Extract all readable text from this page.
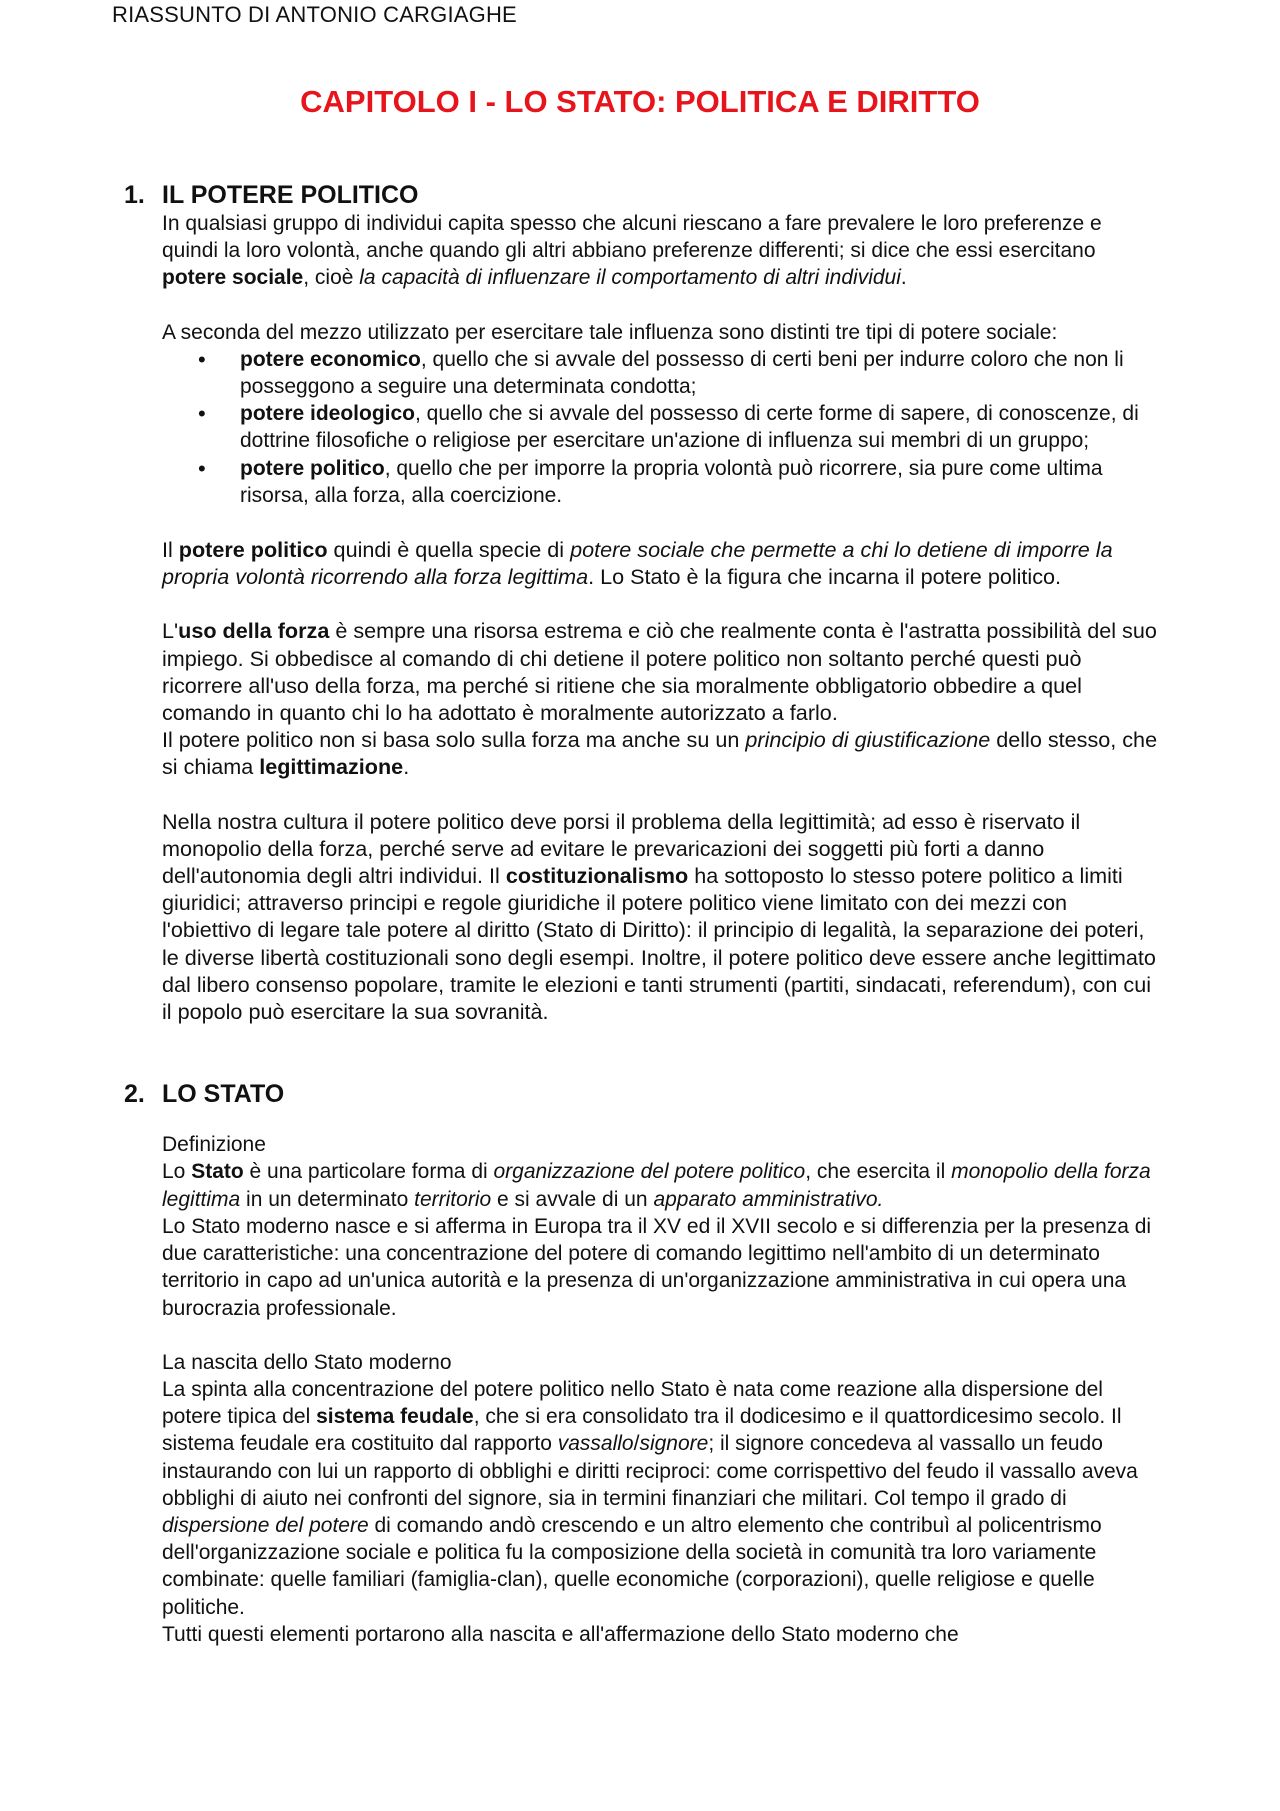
RIASSUNTO DI ANTONIO CARGIAGHE
CAPITOLO I - LO STATO: POLITICA E DIRITTO
1. IL POTERE POLITICO

In qualsiasi gruppo di individui capita spesso che alcuni riescano a fare prevalere le loro preferenze e quindi la loro volontà, anche quando gli altri abbiano preferenze differenti; si dice che essi esercitano potere sociale, cioè la capacità di influenzare il comportamento di altri individui.

A seconda del mezzo utilizzato per esercitare tale influenza sono distinti tre tipi di potere sociale:

• potere economico, quello che si avvale del possesso di certi beni per indurre coloro che non li posseggono a seguire una determinata condotta;
• potere ideologico, quello che si avvale del possesso di certe forme di sapere, di conoscenze, di dottrine filosofiche o religiose per esercitare un'azione di influenza sui membri di un gruppo;
• potere politico, quello che per imporre la propria volontà può ricorrere, sia pure come ultima risorsa, alla forza, alla coercizione.

Il potere politico quindi è quella specie di potere sociale che permette a chi lo detiene di imporre la propria volontà ricorrendo alla forza legittima. Lo Stato è la figura che incarna il potere politico.

L'uso della forza è sempre una risorsa estrema e ciò che realmente conta è l'astratta possibilità del suo impiego. Si obbedisce al comando di chi detiene il potere politico non soltanto perché questi può ricorrere all'uso della forza, ma perché si ritiene che sia moralmente obbligatorio obbedire a quel comando in quanto chi lo ha adottato è moralmente autorizzato a farlo.

Il potere politico non si basa solo sulla forza ma anche su un principio di giustificazione dello stesso, che si chiama legittimazione.

Nella nostra cultura il potere politico deve porsi il problema della legittimità; ad esso è riservato il monopolio della forza, perché serve ad evitare le prevaricazioni dei soggetti più forti a danno dell'autonomia degli altri individui. Il costituzionalismo ha sottoposto lo stesso potere politico a limiti giuridici; attraverso principi e regole giuridiche il potere politico viene limitato con dei mezzi con l'obiettivo di legare tale potere al diritto (Stato di Diritto): il principio di legalità, la separazione dei poteri, le diverse libertà costituzionali sono degli esempi. Inoltre, il potere politico deve essere anche legittimato dal libero consenso popolare, tramite le elezioni e tanti strumenti (partiti, sindacati, referendum), con cui il popolo può esercitare la sua sovranità.

2. LO STATO

Definizione

Lo Stato è una particolare forma di organizzazione del potere politico, che esercita il monopolio della forza legittima in un determinato territorio e si avvale di un apparato amministrativo.

Lo Stato moderno nasce e si afferma in Europa tra il XV ed il XVII secolo e si differenzia per la presenza di due caratteristiche: una concentrazione del potere di comando legittimo nell'ambito di un determinato territorio in capo ad un'unica autorità e la presenza di un'organizzazione amministrativa in cui opera una burocrazia professionale.

La nascita dello Stato moderno

La spinta alla concentrazione del potere politico nello Stato è nata come reazione alla dispersione del potere tipica del sistema feudale, che si era consolidato tra il dodicesimo e il quattordicesimo secolo. Il sistema feudale era costituito dal rapporto vassallo/signore; il signore concedeva al vassallo un feudo instaurando con lui un rapporto di obblighi e diritti reciproci: come corrispettivo del feudo il vassallo aveva obblighi di aiuto nei confronti del signore, sia in termini finanziari che militari. Col tempo il grado di dispersione del potere di comando andò crescendo e un altro elemento che contribuì al policentrismo dell'organizzazione sociale e politica fu la composizione della società in comunità tra loro variamente combinate: quelle familiari (famiglia-clan), quelle economiche (corporazioni), quelle religiose e quelle politiche.

Tutti questi elementi portarono alla nascita e all'affermazione dello Stato moderno che
